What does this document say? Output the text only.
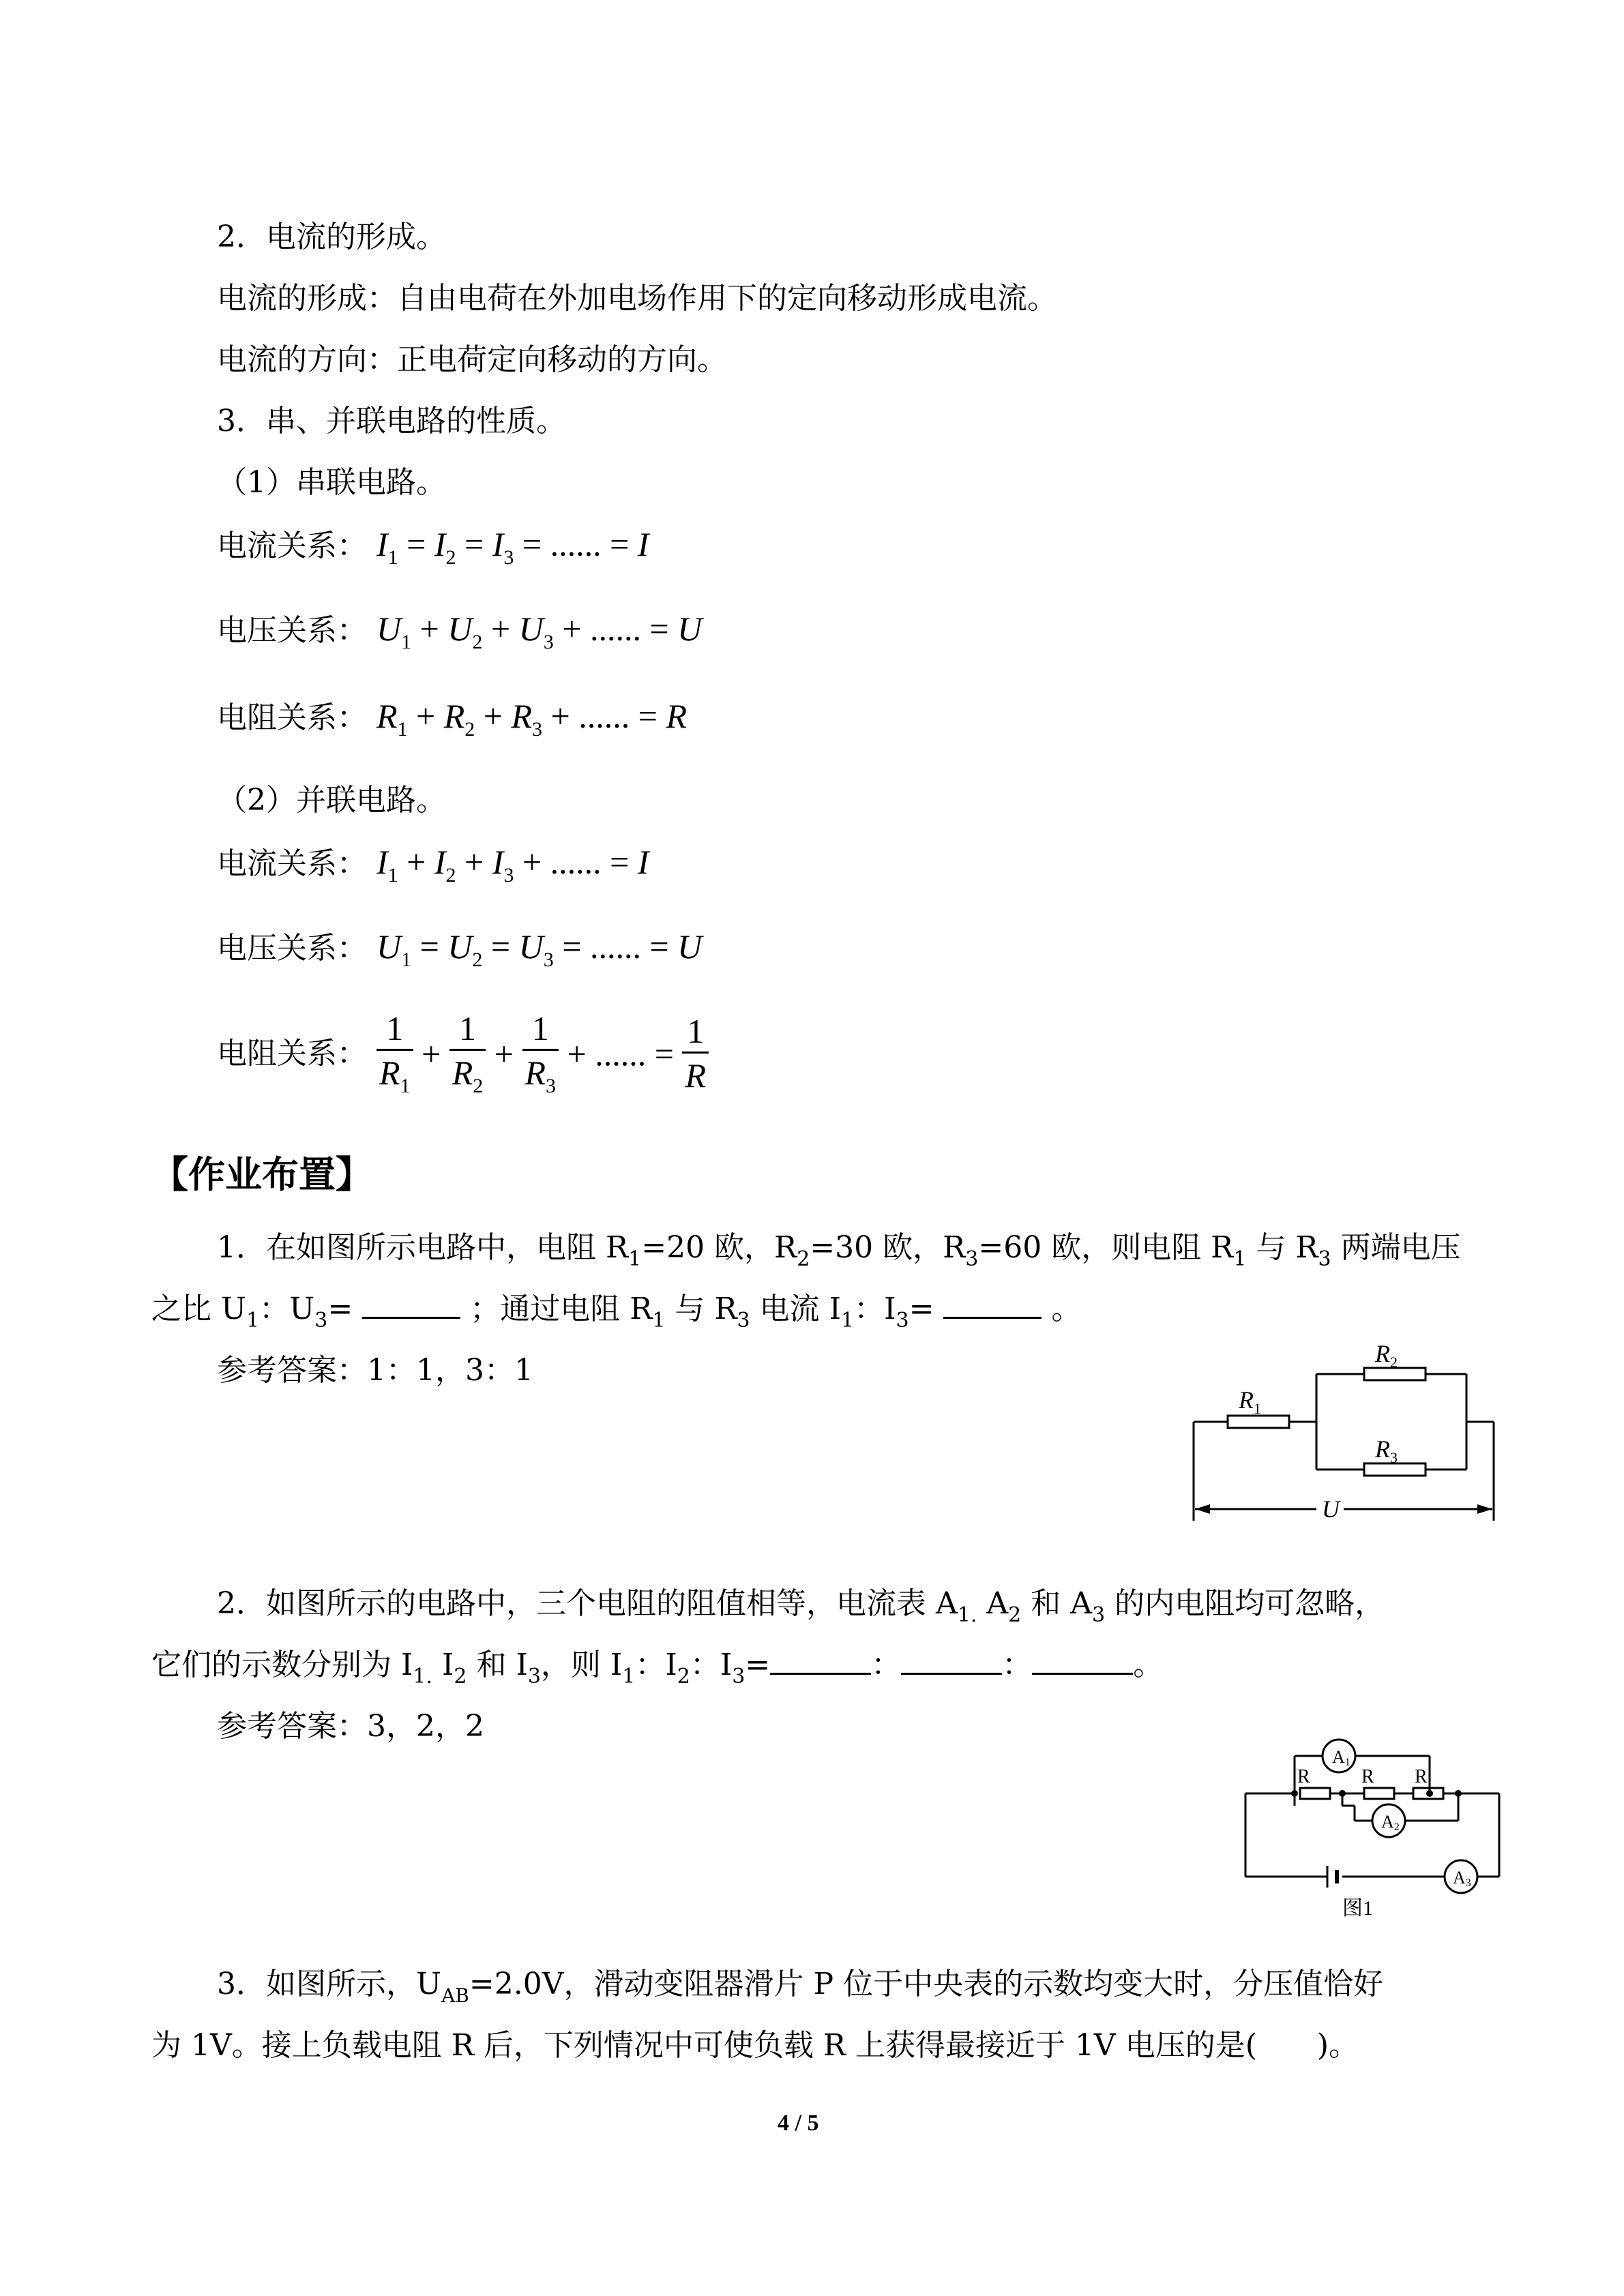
2．电流的形成。
电流的形成：自由电荷在外加电场作用下的定向移动形成电流。
电流的方向：正电荷定向移动的方向。
3．串、并联电路的性质。
（1）串联电路。
电流关系： $I_1 = I_2 = I_3$ = ...... = I
电压关系： $U_1 + U_2 + U_3$ + ...... = U
电阻关系： $R_1 + R_2 + R_3$ + ...... = R
（2）并联电路。
电流关系： $I_1 + I_2 + I_3$ + ...... = I
电压关系： $U_1 = U_2 = U_3$ = ...... = U
电阻关系： $\frac{1}{R_1} + \frac{1}{R_2} + \frac{1}{R_3}$ + ...... = $\frac{1}{R}$
【作业布置】
1．在如图所示电路中，电阻 $R_1=20$ 欧，$R_2=30$ 欧，$R_3=60$ 欧，则电阻 $R_1$ 与 $R_3$ 两端电压
之比 $U_1$：$U_3=$	；通过电阻 $R_1$ 与 $R_3$ 电流 $I_1$：$I_3=$	。
参考答案：1：1，3：1
$R_1$
$R_2$
$R_3$
U
2．如图所示的电路中，三个电阻的阻值相等，电流表 $A_{1.}$ $A_2$ 和 $A_3$ 的内电阻均可忽略，
它们的示数分别为 $I_{1.}$ $I_2$ 和 $I_3$，则 $I_1$：$I_2$：$I_3=$	：	：	。
参考答案：3，2，2
A1
A2
A3
R	R R
图1
3．如图所示，$U_{AB}=2.0V$，滑动变阻器滑片 P 位于中央表的示数均变大时，分压值恰好
为 1V。接上负载电阻 R 后，下列情况中可使负载 R 上获得最接近于 1V 电压的是(　　)。
4 / 5
